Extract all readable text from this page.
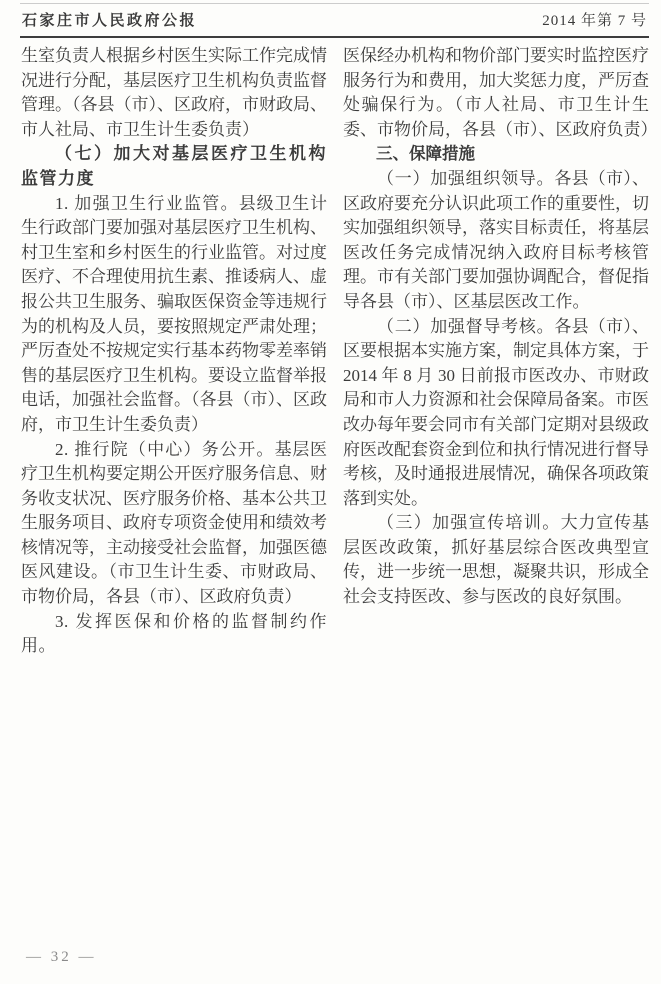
石家庄市人民政府公报	2014 年第 7 号

生室负责人根据乡村医生实际工作完成情况进行分配，基层医疗卫生机构负责监督管理。（各县（市）、区政府，市财政局、市人社局、市卫生计生委负责）

（七）加大对基层医疗卫生机构监管力度

1. 加强卫生行业监管。县级卫生计生行政部门要加强对基层医疗卫生机构、村卫生室和乡村医生的行业监管。对过度医疗、不合理使用抗生素、推诿病人、虚报公共卫生服务、骗取医保资金等违规行为的机构及人员，要按照规定严肃处理；严厉查处不按规定实行基本药物零差率销售的基层医疗卫生机构。要设立监督举报电话，加强社会监督。（各县（市）、区政府，市卫生计生委负责）

2. 推行院（中心）务公开。基层医疗卫生机构要定期公开医疗服务信息、财务收支状况、医疗服务价格、基本公共卫生服务项目、政府专项资金使用和绩效考核情况等，主动接受社会监督，加强医德医风建设。（市卫生计生委、市财政局、市物价局，各县（市）、区政府负责）

3. 发挥医保和价格的监督制约作用。

医保经办机构和物价部门要实时监控医疗服务行为和费用，加大奖惩力度，严厉查处骗保行为。（市人社局、市卫生计生委、市物价局，各县（市）、区政府负责）

三、保障措施

（一）加强组织领导。各县（市）、区政府要充分认识此项工作的重要性，切实加强组织领导，落实目标责任，将基层医改任务完成情况纳入政府目标考核管理。市有关部门要加强协调配合，督促指导各县（市）、区基层医改工作。

（二）加强督导考核。各县（市）、区要根据本实施方案，制定具体方案，于2014 年 8 月 30 日前报市医改办、市财政局和市人力资源和社会保障局备案。市医改办每年要会同市有关部门定期对县级政府医改配套资金到位和执行情况进行督导考核，及时通报进展情况，确保各项政策落到实处。

（三）加强宣传培训。大力宣传基层医改政策，抓好基层综合医改典型宣传，进一步统一思想，凝聚共识，形成全社会支持医改、参与医改的良好氛围。

— 32 —
